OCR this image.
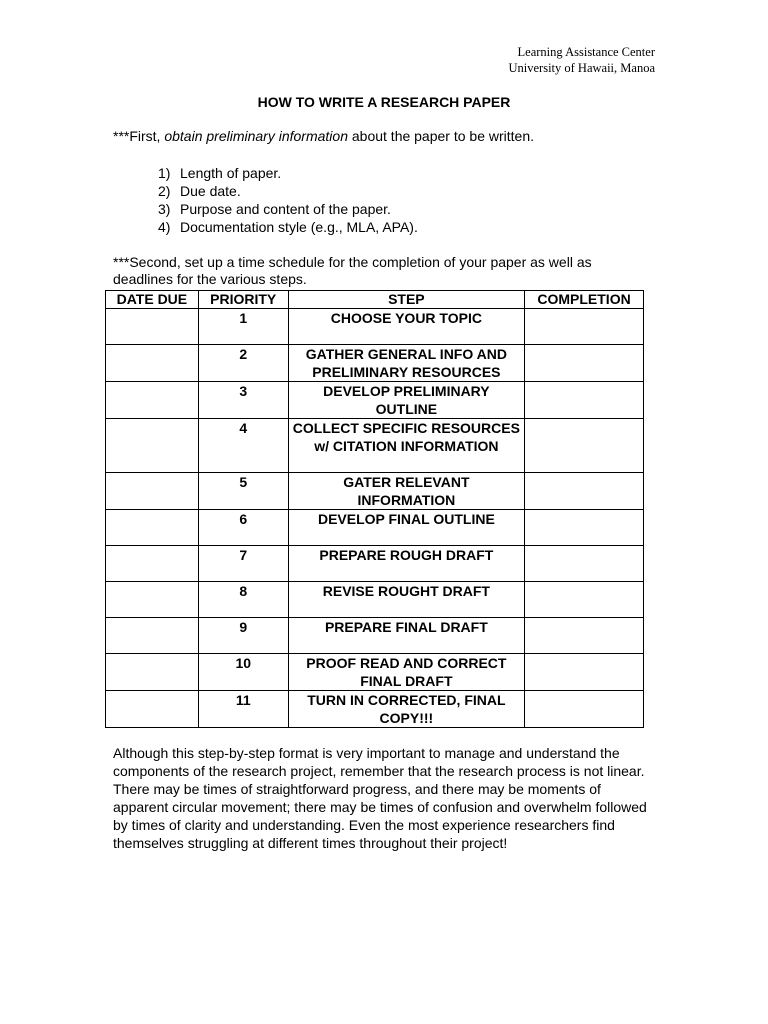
Learning Assistance Center
University of Hawaii, Manoa
HOW TO WRITE A RESEARCH PAPER
***First, obtain preliminary information about the paper to be written.
1) Length of paper.
2) Due date.
3) Purpose and content of the paper.
4) Documentation style (e.g., MLA, APA).
***Second, set up a time schedule for the completion of your paper as well as deadlines for the various steps.
DATE DUE	PRIORITY	STEP	COMPLETION
	1	CHOOSE YOUR TOPIC	
	2	GATHER GENERAL INFO AND PRELIMINARY RESOURCES	
	3	DEVELOP PRELIMINARY OUTLINE	
	4	COLLECT SPECIFIC RESOURCES w/ CITATION INFORMATION	
	5	GATER RELEVANT INFORMATION	
	6	DEVELOP FINAL OUTLINE	
	7	PREPARE ROUGH DRAFT	
	8	REVISE ROUGHT DRAFT	
	9	PREPARE FINAL DRAFT	
	10	PROOF READ AND CORRECT FINAL DRAFT	
	11	TURN IN CORRECTED, FINAL COPY!!!	
Although this step-by-step format is very important to manage and understand the components of the research project, remember that the research process is not linear. There may be times of straightforward progress, and there may be moments of apparent circular movement; there may be times of confusion and overwhelm followed by times of clarity and understanding. Even the most experience researchers find themselves struggling at different times throughout their project!
